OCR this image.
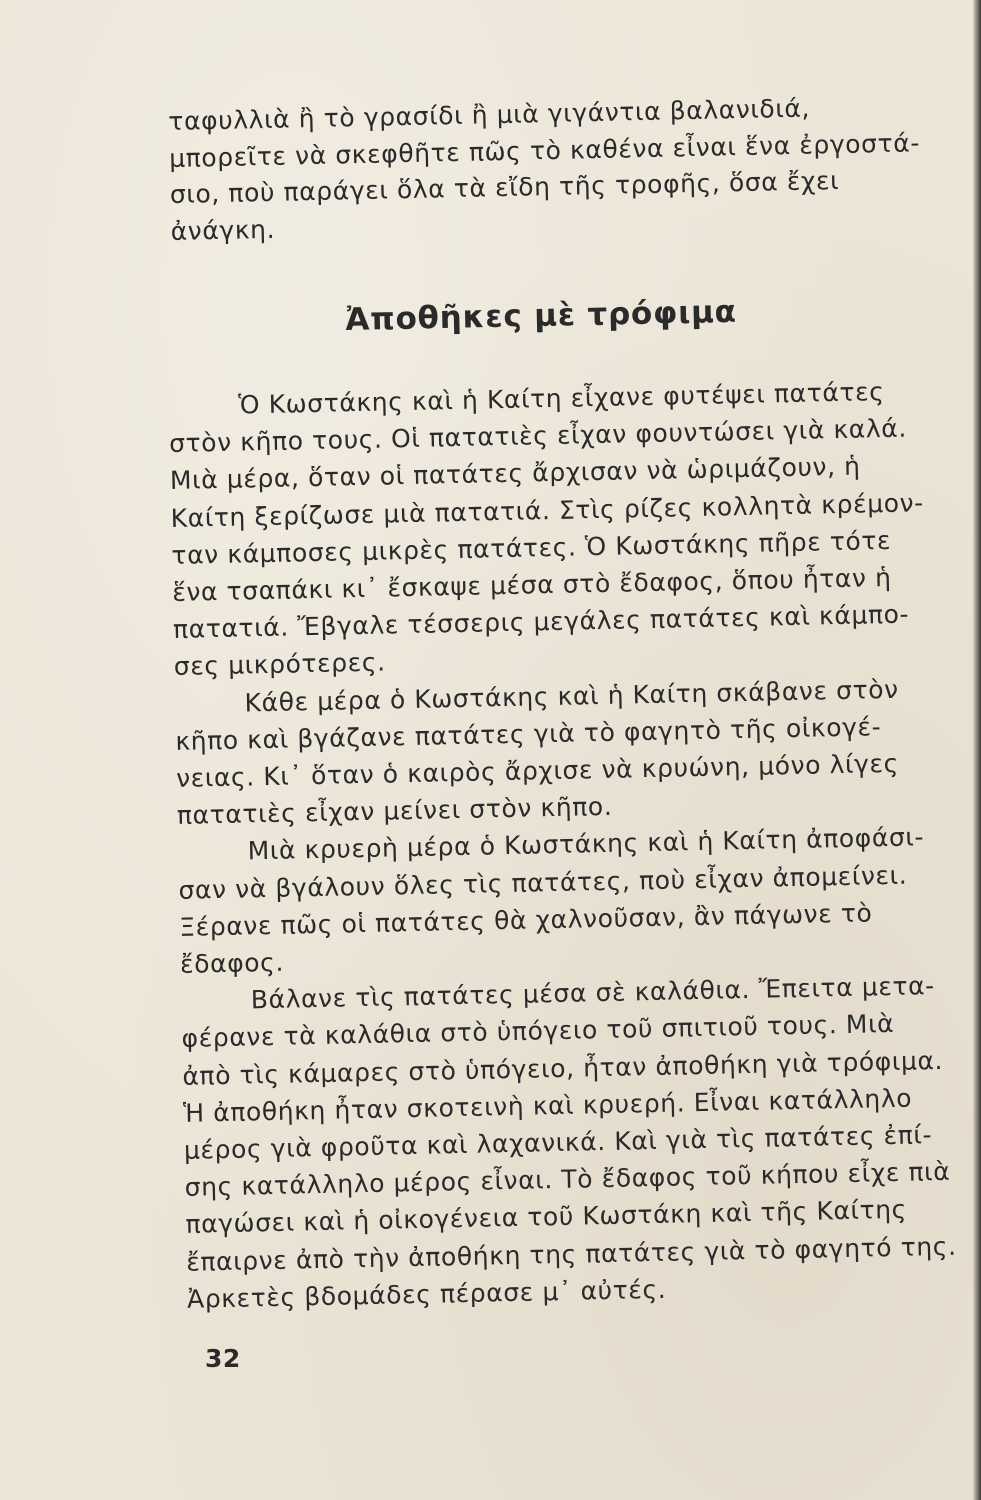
ταφυλλιὰ ἢ τὸ γρασίδι ἢ μιὰ γιγάντια βαλανιδιά,
μπορεῖτε νὰ σκεφθῆτε πῶς τὸ καθένα εἶναι ἕνα ἐργοστά-
σιο, ποὺ παράγει ὅλα τὰ εἴδη τῆς τροφῆς, ὅσα ἔχει
ἀνάγκη.
Ἀποθῆκες μὲ τρόφιμα
Ὁ Κωστάκης καὶ ἡ Καίτη εἶχανε φυτέψει πατάτες
στὸν κῆπο τους. Οἱ πατατιὲς εἶχαν φουντώσει γιὰ καλά.
Μιὰ μέρα, ὅταν οἱ πατάτες ἄρχισαν νὰ ὡριμάζουν, ἡ
Καίτη ξερίζωσε μιὰ πατατιά. Στὶς ρίζες κολλητὰ κρέμον-
ταν κάμποσες μικρὲς πατάτες. Ὁ Κωστάκης πῆρε τότε
ἕνα τσαπάκι κι᾽ ἔσκαψε μέσα στὸ ἔδαφος, ὅπου ἦταν ἡ
πατατιά. Ἔβγαλε τέσσερις μεγάλες πατάτες καὶ κάμπο-
σες μικρότερες.
Κάθε μέρα ὁ Κωστάκης καὶ ἡ Καίτη σκάβανε στὸν
κῆπο καὶ βγάζανε πατάτες γιὰ τὸ φαγητὸ τῆς οἰκογέ-
νειας. Κι᾽ ὅταν ὁ καιρὸς ἄρχισε νὰ κρυώνη, μόνο λίγες
πατατιὲς εἶχαν μείνει στὸν κῆπο.
Μιὰ κρυερὴ μέρα ὁ Κωστάκης καὶ ἡ Καίτη ἀποφάσι-
σαν νὰ βγάλουν ὅλες τὶς πατάτες, ποὺ εἶχαν ἀπομείνει.
Ξέρανε πῶς οἱ πατάτες θὰ χαλνοῦσαν, ἂν πάγωνε τὸ
ἔδαφος.
Βάλανε τὶς πατάτες μέσα σὲ καλάθια. Ἔπειτα μετα-
φέρανε τὰ καλάθια στὸ ὑπόγειο τοῦ σπιτιοῦ τους. Μιὰ
ἀπὸ τὶς κάμαρες στὸ ὑπόγειο, ἦταν ἀποθήκη γιὰ τρόφιμα.
Ἡ ἀποθήκη ἦταν σκοτεινὴ καὶ κρυερή. Εἶναι κατάλληλο
μέρος γιὰ φροῦτα καὶ λαχανικά. Καὶ γιὰ τὶς πατάτες ἐπί-
σης κατάλληλο μέρος εἶναι. Τὸ ἔδαφος τοῦ κήπου εἶχε πιὰ
παγώσει καὶ ἡ οἰκογένεια τοῦ Κωστάκη καὶ τῆς Καίτης
ἔπαιρνε ἀπὸ τὴν ἀποθήκη της πατάτες γιὰ τὸ φαγητό της.
Ἀρκετὲς βδομάδες πέρασε μ᾽ αὐτές.
32
